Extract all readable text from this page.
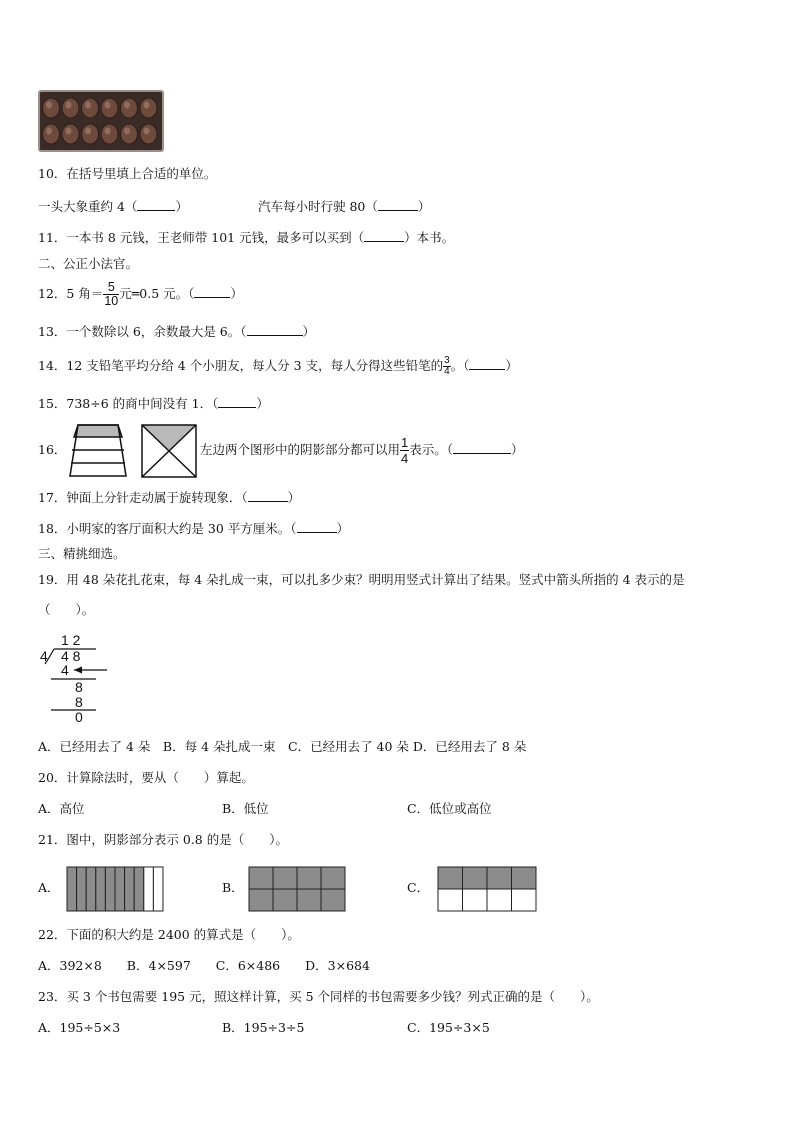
10．在括号里填上合适的单位。
一头大象重约 4（	）	汽车每小时行驶 80（	）
11．一本书 8 元钱，王老师带 101 元钱，最多可以买到（	）本书。
二、公正小法官。
12．5 角＝ $\frac{5}{10}$ 元═0.5 元。（	）
13．一个数除以 6，余数最大是 6。（	）
14．12 支铅笔平均分给 4 个小朋友，每人分 3 支，每人分得这些铅笔的 $\frac{3}{4}$ 。（	）
15．738÷6 的商中间没有 1．（	）
16．	左边两个图形中的阴影部分都可以用 $\frac{1}{4}$ 表示。（	）
17．钟面上分针走动属于旋转现象．（	）
18．小明家的客厅面积大约是 30 平方厘米。（	）
三、精挑细选。
19．用 48 朵花扎花束，每 4 朵扎成一束，可以扎多少束？明明用竖式计算出了结果。竖式中箭头所指的 4 表示的是
（　　）。
1 2
4 4 8
4
8
8
0
A．已经用去了 4 朵　B．每 4 朵扎成一束　C．已经用去了 40 朵 D．已经用去了 8 朵
20．计算除法时，要从（　　）算起。
A．高位	B．低位	C．低位或高位
21．图中，阴影部分表示 0.8 的是（　　）。
A．	B．	C．
22．下面的积大约是 2400 的算式是（　　）。
A．392×8　　B．4×597　　C．6×486　　D．3×684
23．买 3 个书包需要 195 元，照这样计算，买 5 个同样的书包需要多少钱？列式正确的是（　　）。
A．195÷5×3	B．195÷3÷5	C．195÷3×5
